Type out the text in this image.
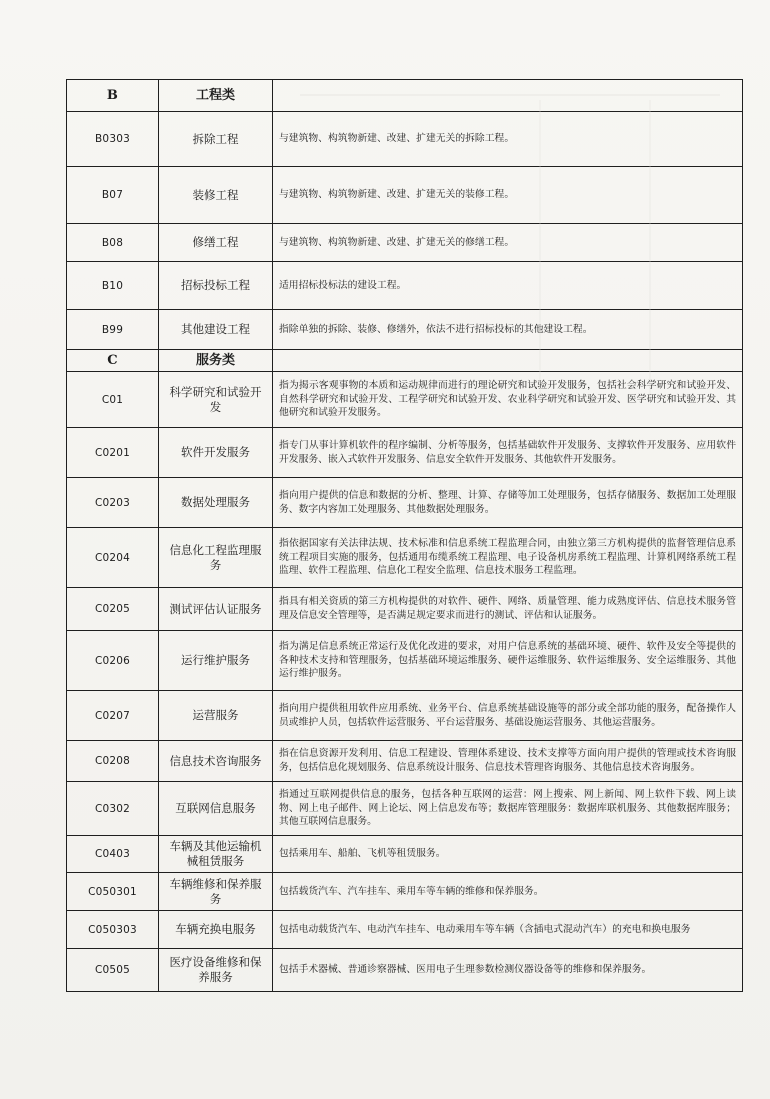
B	工程类	
B0303	拆除工程	与建筑物、构筑物新建、改建、扩建无关的拆除工程。
B07	装修工程	与建筑物、构筑物新建、改建、扩建无关的装修工程。
B08	修缮工程	与建筑物、构筑物新建、改建、扩建无关的修缮工程。
B10	招标投标工程	适用招标投标法的建设工程。
B99	其他建设工程	指除单独的拆除、装修、修缮外，依法不进行招标投标的其他建设工程。
C	服务类	
C01	科学研究和试验开发	指为揭示客观事物的本质和运动规律而进行的理论研究和试验开发服务，包括社会科学研究和试验开发、自然科学研究和试验开发、工程学研究和试验开发、农业科学研究和试验开发、医学研究和试验开发、其他研究和试验开发服务。
C0201	软件开发服务	指专门从事计算机软件的程序编制、分析等服务，包括基础软件开发服务、支撑软件开发服务、应用软件开发服务、嵌入式软件开发服务、信息安全软件开发服务、其他软件开发服务。
C0203	数据处理服务	指向用户提供的信息和数据的分析、整理、计算、存储等加工处理服务，包括存储服务、数据加工处理服务、数字内容加工处理服务、其他数据处理服务。
C0204	信息化工程监理服务	指依据国家有关法律法规、技术标准和信息系统工程监理合同，由独立第三方机构提供的监督管理信息系统工程项目实施的服务，包括通用布缆系统工程监理、电子设备机房系统工程监理、计算机网络系统工程监理、软件工程监理、信息化工程安全监理、信息技术服务工程监理。
C0205	测试评估认证服务	指具有相关资质的第三方机构提供的对软件、硬件、网络、质量管理、能力成熟度评估、信息技术服务管理及信息安全管理等，是否满足规定要求而进行的测试、评估和认证服务。
C0206	运行维护服务	指为满足信息系统正常运行及优化改进的要求，对用户信息系统的基础环境、硬件、软件及安全等提供的各种技术支持和管理服务，包括基础环境运维服务、硬件运维服务、软件运维服务、安全运维服务、其他运行维护服务。
C0207	运营服务	指向用户提供租用软件应用系统、业务平台、信息系统基础设施等的部分或全部功能的服务，配备操作人员或维护人员，包括软件运营服务、平台运营服务、基础设施运营服务、其他运营服务。
C0208	信息技术咨询服务	指在信息资源开发利用、信息工程建设、管理体系建设、技术支撑等方面向用户提供的管理或技术咨询服务，包括信息化规划服务、信息系统设计服务、信息技术管理咨询服务、其他信息技术咨询服务。
C0302	互联网信息服务	指通过互联网提供信息的服务，包括各种互联网的运营：网上搜索、网上新闻、网上软件下载、网上读物、网上电子邮件、网上论坛、网上信息发布等；数据库管理服务：数据库联机服务、其他数据库服务；其他互联网信息服务。
C0403	车辆及其他运输机械租赁服务	包括乘用车、船舶、飞机等租赁服务。
C050301	车辆维修和保养服务	包括载货汽车、汽车挂车、乘用车等车辆的维修和保养服务。
C050303	车辆充换电服务	包括电动载货汽车、电动汽车挂车、电动乘用车等车辆（含插电式混动汽车）的充电和换电服务
C0505	医疗设备维修和保养服务	包括手术器械、普通诊察器械、医用电子生理参数检测仪器设备等的维修和保养服务。
